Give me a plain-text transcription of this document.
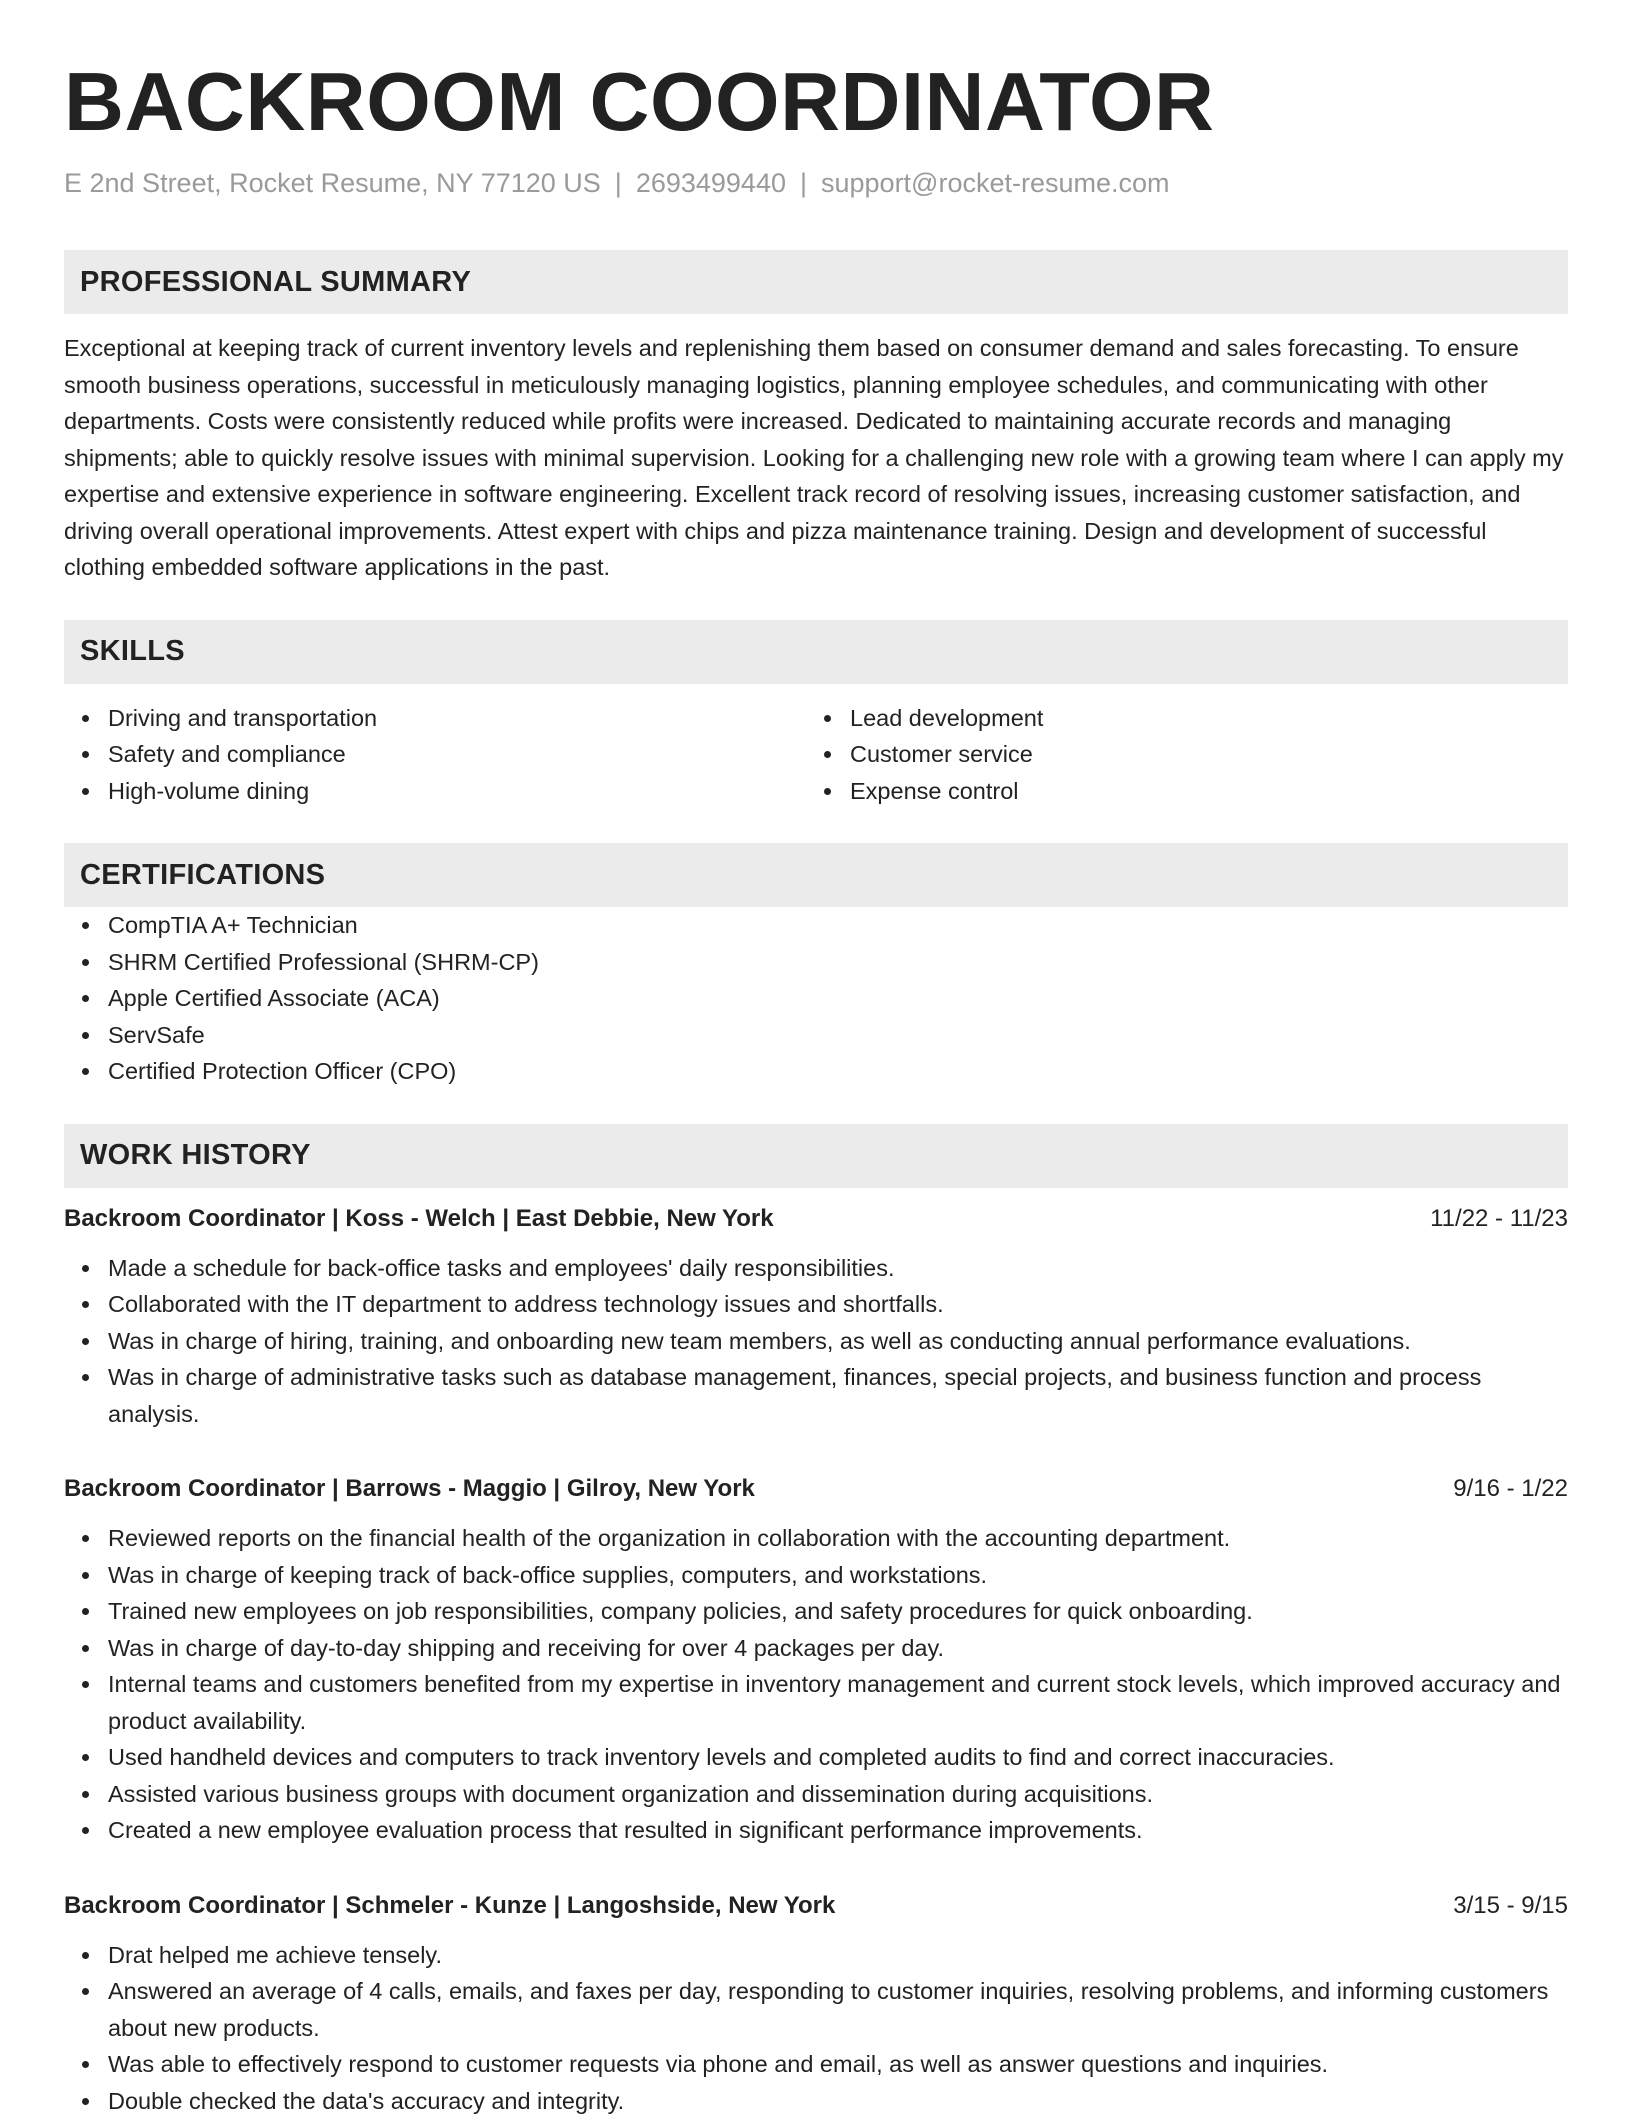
BACKROOM COORDINATOR
E 2nd Street, Rocket Resume, NY 77120 US | 2693499440 | support@rocket-resume.com
PROFESSIONAL SUMMARY

Exceptional at keeping track of current inventory levels and replenishing them based on consumer demand and sales forecasting. To ensure smooth business operations, successful in meticulously managing logistics, planning employee schedules, and communicating with other departments. Costs were consistently reduced while profits were increased. Dedicated to maintaining accurate records and managing shipments; able to quickly resolve issues with minimal supervision. Looking for a challenging new role with a growing team where I can apply my expertise and extensive experience in software engineering. Excellent track record of resolving issues, increasing customer satisfaction, and driving overall operational improvements. Attest expert with chips and pizza maintenance training. Design and development of successful clothing embedded software applications in the past.

SKILLS
Driving and transportation
Safety and compliance
High-volume dining
Lead development
Customer service
Expense control
CERTIFICATIONS
CompTIA A+ Technician
SHRM Certified Professional (SHRM-CP)
Apple Certified Associate (ACA)
ServSafe
Certified Protection Officer (CPO)
WORK HISTORY
Backroom Coordinator | Koss - Welch | East Debbie, New York	11/22 - 11/23
Made a schedule for back-office tasks and employees' daily responsibilities.
Collaborated with the IT department to address technology issues and shortfalls.
Was in charge of hiring, training, and onboarding new team members, as well as conducting annual performance evaluations.
Was in charge of administrative tasks such as database management, finances, special projects, and business function and process analysis.
Backroom Coordinator | Barrows - Maggio | Gilroy, New York	9/16 - 1/22
Reviewed reports on the financial health of the organization in collaboration with the accounting department.
Was in charge of keeping track of back-office supplies, computers, and workstations.
Trained new employees on job responsibilities, company policies, and safety procedures for quick onboarding.
Was in charge of day-to-day shipping and receiving for over 4 packages per day.
Internal teams and customers benefited from my expertise in inventory management and current stock levels, which improved accuracy and product availability.
Used handheld devices and computers to track inventory levels and completed audits to find and correct inaccuracies.
Assisted various business groups with document organization and dissemination during acquisitions.
Created a new employee evaluation process that resulted in significant performance improvements.
Backroom Coordinator | Schmeler - Kunze | Langoshside, New York	3/15 - 9/15
Drat helped me achieve tensely.
Answered an average of 4 calls, emails, and faxes per day, responding to customer inquiries, resolving problems, and informing customers about new products.
Was able to effectively respond to customer requests via phone and email, as well as answer questions and inquiries.
Double checked the data's accuracy and integrity.
